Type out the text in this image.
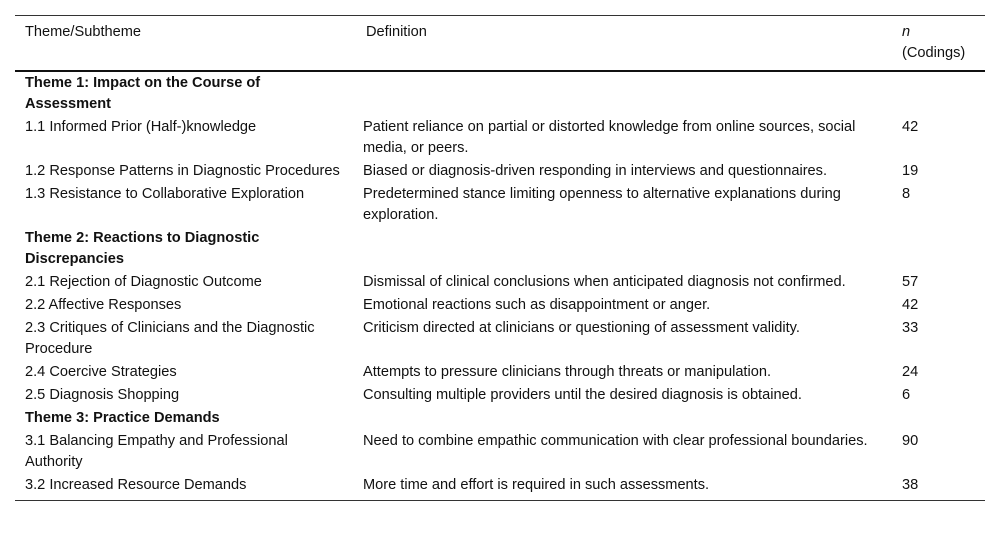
Theme/Subtheme	Definition	n
(Codings)
Theme 1: Impact on the Course of Assessment		
1.1 Informed Prior (Half-)knowledge	Patient reliance on partial or distorted knowledge from online sources, social media, or peers.	42
1.2 Response Patterns in Diagnostic Procedures	Biased or diagnosis-driven responding in interviews and questionnaires.	19
1.3 Resistance to Collaborative Exploration	Predetermined stance limiting openness to alternative explanations during exploration.	8
Theme 2: Reactions to Diagnostic Discrepancies		
2.1 Rejection of Diagnostic Outcome	Dismissal of clinical conclusions when anticipated diagnosis not confirmed.	57
2.2 Affective Responses	Emotional reactions such as disappointment or anger.	42
2.3 Critiques of Clinicians and the Diagnostic Procedure	Criticism directed at clinicians or questioning of assessment validity.	33
2.4 Coercive Strategies	Attempts to pressure clinicians through threats or manipulation.	24
2.5 Diagnosis Shopping	Consulting multiple providers until the desired diagnosis is obtained.	6
Theme 3: Practice Demands		
3.1 Balancing Empathy and Professional Authority	Need to combine empathic communication with clear professional boundaries.	90
3.2 Increased Resource Demands	More time and effort is required in such assessments.	38
